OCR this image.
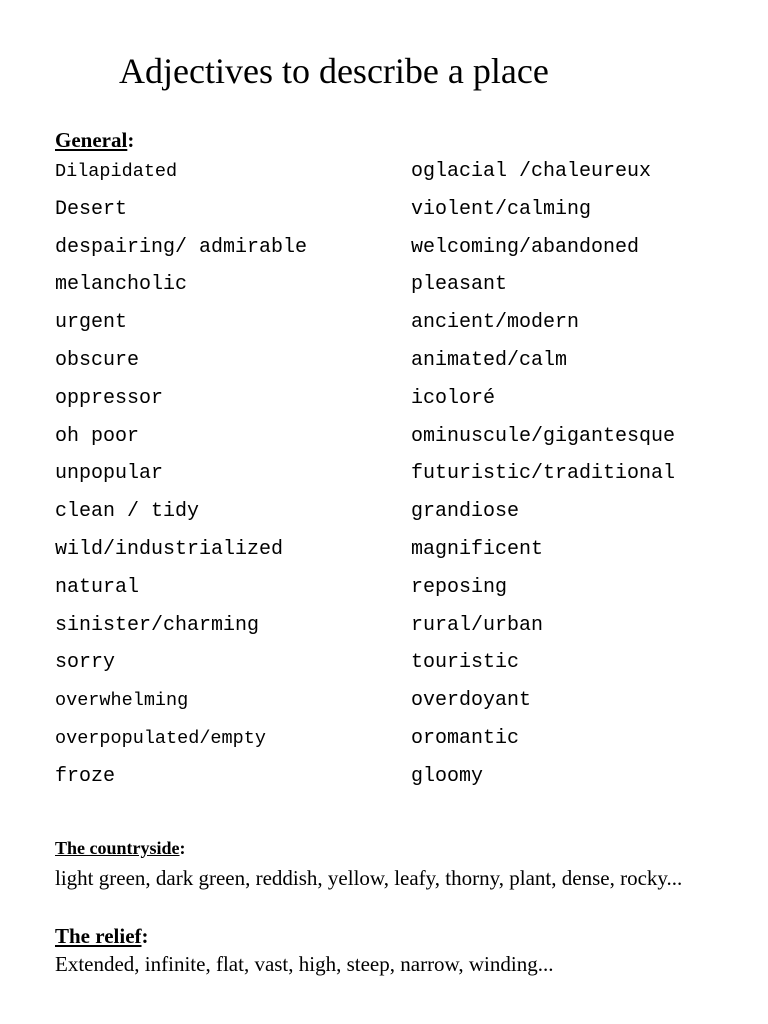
Adjectives to describe a place
General:
Dilapidated
Desert
despairing/ admirable
melancholic
urgent
obscure
oppressor
oh poor
unpopular
clean / tidy
wild/industrialized
natural
sinister/charming
sorry
overwhelming
overpopulated/empty
froze
oglacial /chaleureux
violent/calming
welcoming/abandoned
pleasant
ancient/modern
animated/calm
icoloré
ominuscule/gigantesque
futuristic/traditional
grandiose
magnificent
reposing
rural/urban
touristic
overdoyant
oromantic
gloomy
The countryside:

light green, dark green, reddish, yellow, leafy, thorny, plant, dense, rocky...

The relief:

Extended, infinite, flat, vast, high, steep, narrow, winding...
